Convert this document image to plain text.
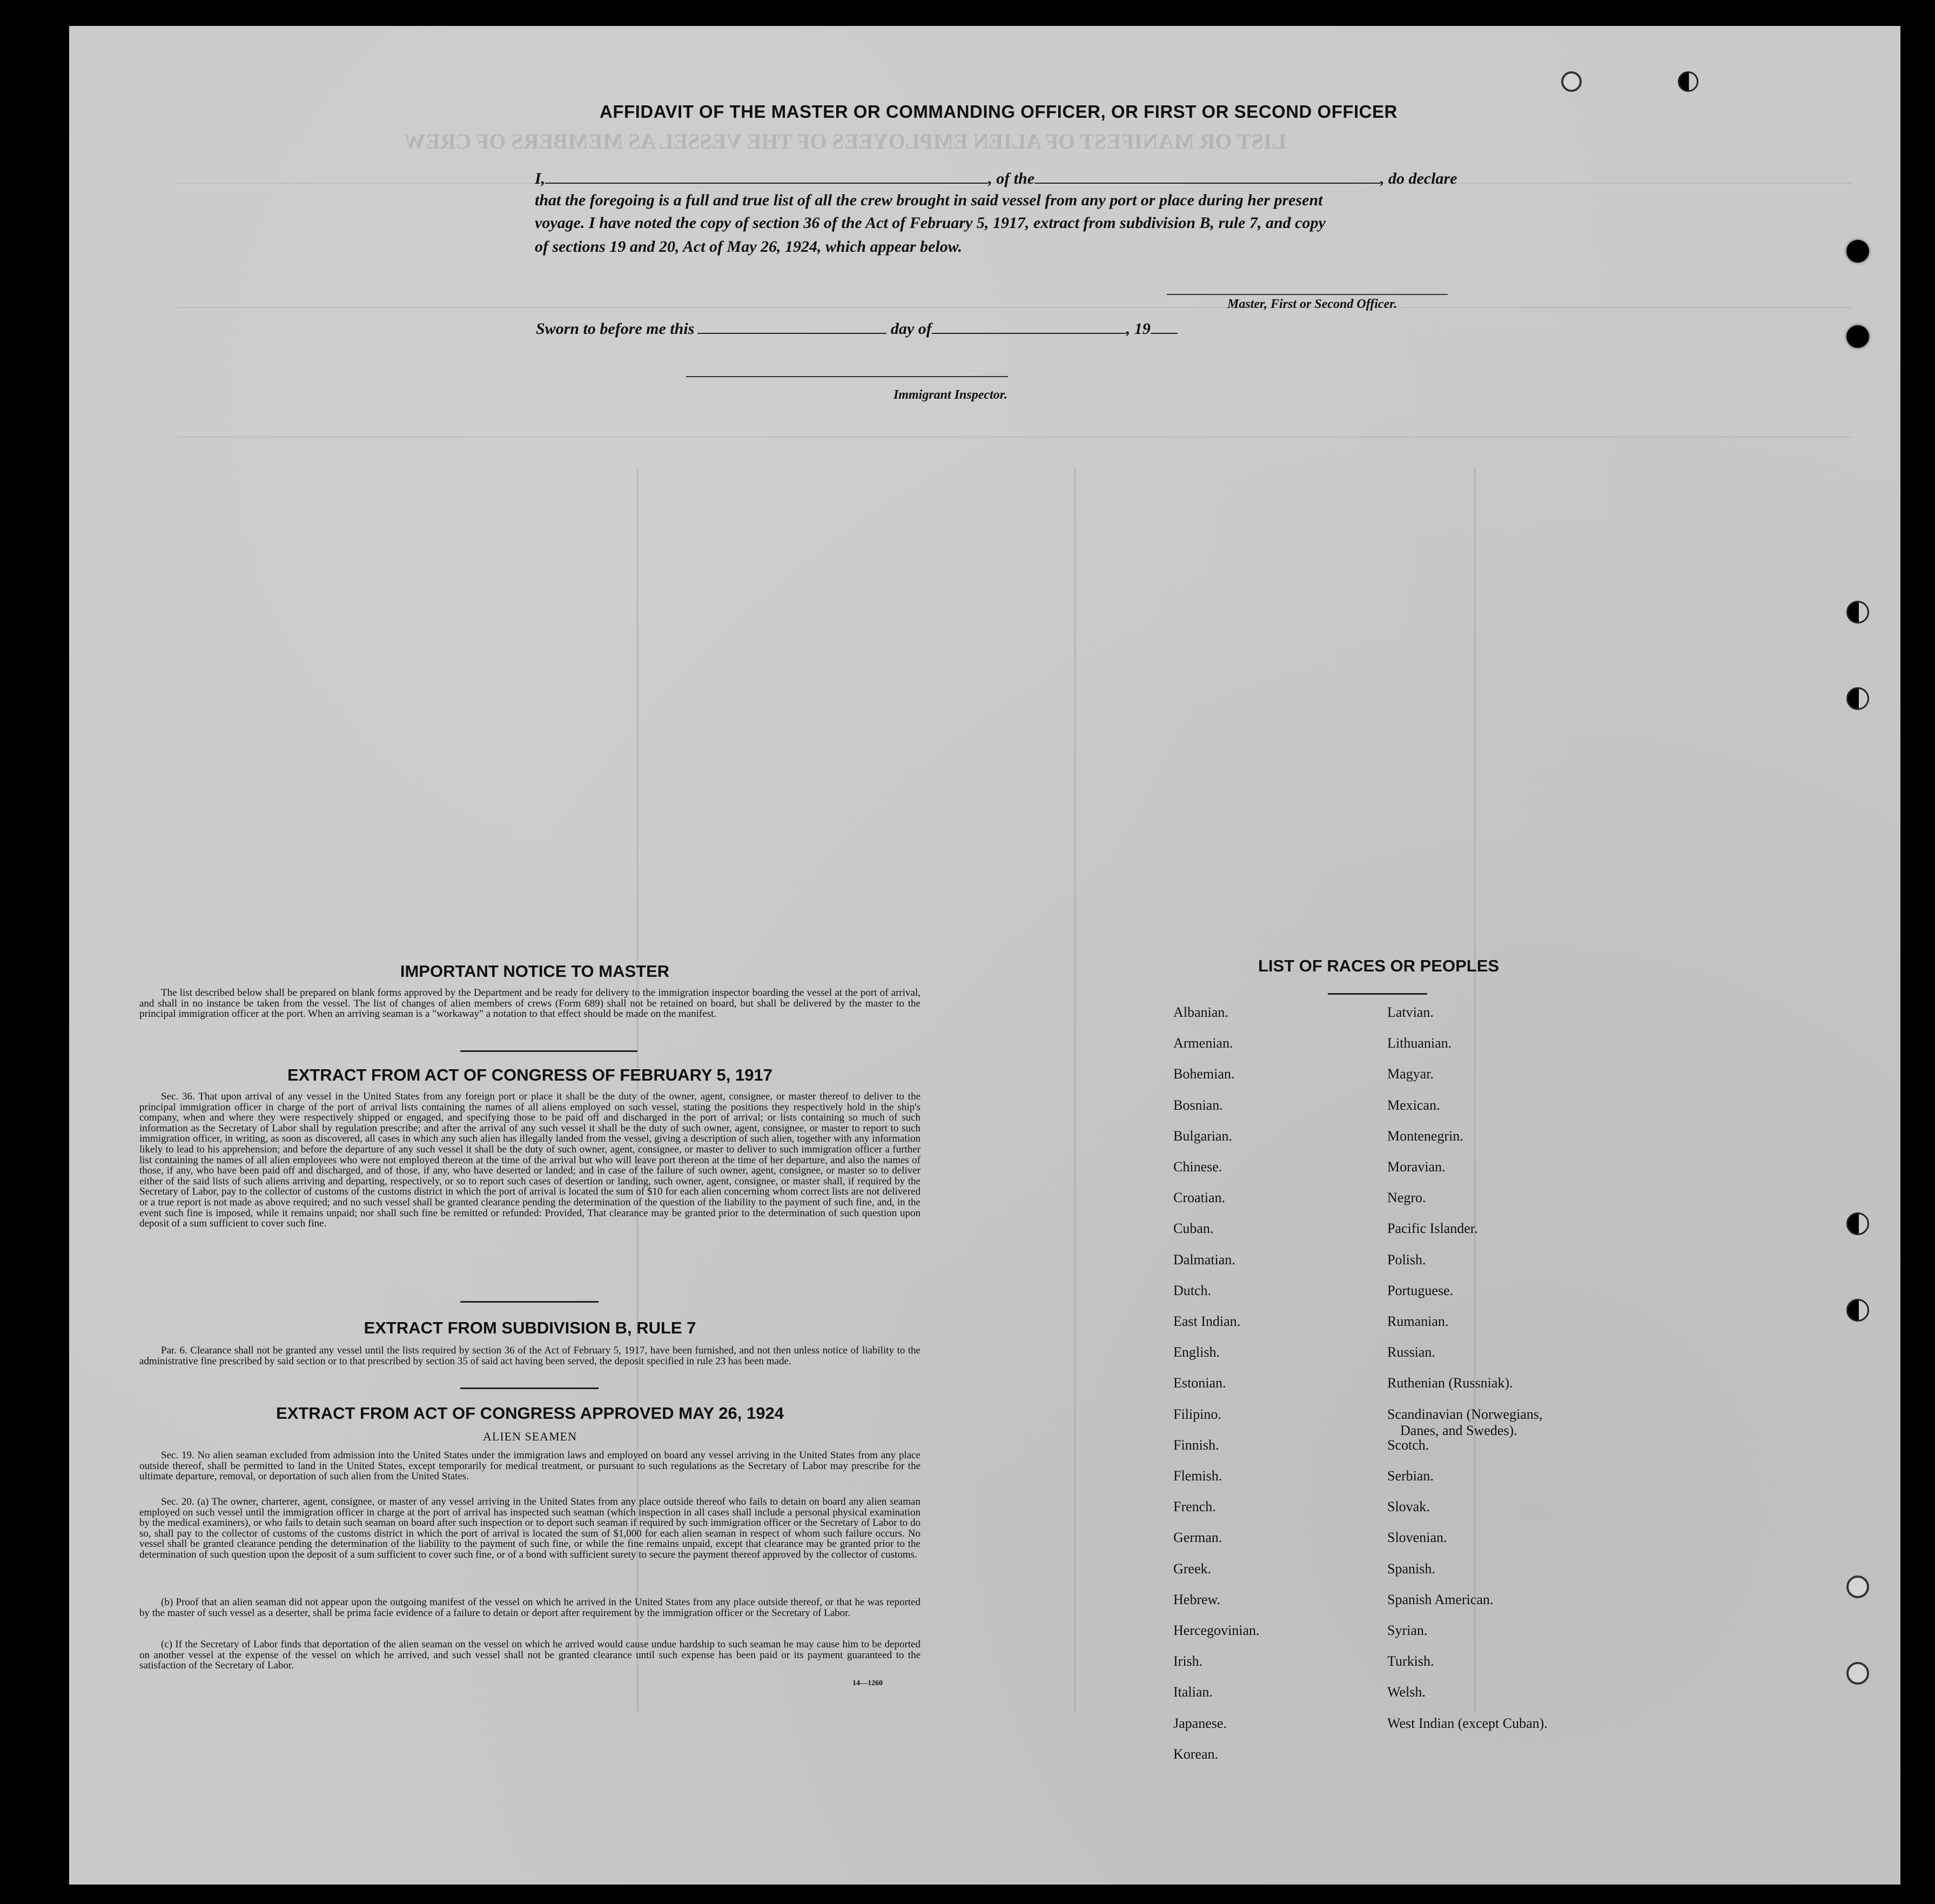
LIST OR MANIFEST OF ALIEN EMPLOYEES OF THE VESSEL AS MEMBERS OF CREW
AFFIDAVIT OF THE MASTER OR COMMANDING OFFICER, OR FIRST OR SECOND OFFICER
I,	, of the	, do declare
that the foregoing is a full and true list of all the crew brought in said vessel from any port or place during her present
voyage. I have noted the copy of section 36 of the Act of February 5, 1917, extract from subdivision B, rule 7, and copy
of sections 19 and 20, Act of May 26, 1924, which appear below.
Master, First or Second Officer.
Sworn to before me this	day of	, 19
Immigrant Inspector.
IMPORTANT NOTICE TO MASTER
The list described below shall be prepared on blank forms approved by the Department and be ready for delivery to the immigration inspector boarding the vessel at the port of arrival, and shall in no instance be taken from the vessel. The list of changes of alien members of crews (Form 689) shall not be retained on board, but shall be delivered by the master to the principal immigration officer at the port. When an arriving seaman is a "workaway" a notation to that effect should be made on the manifest.
EXTRACT FROM ACT OF CONGRESS OF FEBRUARY 5, 1917
Sec. 36. That upon arrival of any vessel in the United States from any foreign port or place it shall be the duty of the owner, agent, consignee, or master thereof to deliver to the principal immigration officer in charge of the port of arrival lists containing the names of all aliens employed on such vessel, stating the positions they respectively hold in the ship's company, when and where they were respectively shipped or engaged, and specifying those to be paid off and discharged in the port of arrival; or lists containing so much of such information as the Secretary of Labor shall by regulation prescribe; and after the arrival of any such vessel it shall be the duty of such owner, agent, consignee, or master to report to such immigration officer, in writing, as soon as discovered, all cases in which any such alien has illegally landed from the vessel, giving a description of such alien, together with any information likely to lead to his apprehension; and before the departure of any such vessel it shall be the duty of such owner, agent, consignee, or master to deliver to such immigration officer a further list containing the names of all alien employees who were not employed thereon at the time of the arrival but who will leave port thereon at the time of her departure, and also the names of those, if any, who have been paid off and discharged, and of those, if any, who have deserted or landed; and in case of the failure of such owner, agent, consignee, or master so to deliver either of the said lists of such aliens arriving and departing, respectively, or so to report such cases of desertion or landing, such owner, agent, consignee, or master shall, if required by the Secretary of Labor, pay to the collector of customs of the customs district in which the port of arrival is located the sum of $10 for each alien concerning whom correct lists are not delivered or a true report is not made as above required; and no such vessel shall be granted clearance pending the determination of the question of the liability to the payment of such fine, and, in the event such fine is imposed, while it remains unpaid; nor shall such fine be remitted or refunded: Provided, That clearance may be granted prior to the determination of such question upon deposit of a sum sufficient to cover such fine.
EXTRACT FROM SUBDIVISION B, RULE 7
Par. 6. Clearance shall not be granted any vessel until the lists required by section 36 of the Act of February 5, 1917, have been furnished, and not then unless notice of liability to the administrative fine prescribed by said section or to that prescribed by section 35 of said act having been served, the deposit specified in rule 23 has been made.
EXTRACT FROM ACT OF CONGRESS APPROVED MAY 26, 1924
ALIEN SEAMEN
Sec. 19. No alien seaman excluded from admission into the United States under the immigration laws and employed on board any vessel arriving in the United States from any place outside thereof, shall be permitted to land in the United States, except temporarily for medical treatment, or pursuant to such regulations as the Secretary of Labor may prescribe for the ultimate departure, removal, or deportation of such alien from the United States.
Sec. 20. (a) The owner, charterer, agent, consignee, or master of any vessel arriving in the United States from any place outside thereof who fails to detain on board any alien seaman employed on such vessel until the immigration officer in charge at the port of arrival has inspected such seaman (which inspection in all cases shall include a personal physical examination by the medical examiners), or who fails to detain such seaman on board after such inspection or to deport such seaman if required by such immigration officer or the Secretary of Labor to do so, shall pay to the collector of customs of the customs district in which the port of arrival is located the sum of $1,000 for each alien seaman in respect of whom such failure occurs. No vessel shall be granted clearance pending the determination of the liability to the payment of such fine, or while the fine remains unpaid, except that clearance may be granted prior to the determination of such question upon the deposit of a sum sufficient to cover such fine, or of a bond with sufficient surety to secure the payment thereof approved by the collector of customs.
(b) Proof that an alien seaman did not appear upon the outgoing manifest of the vessel on which he arrived in the United States from any place outside thereof, or that he was reported by the master of such vessel as a deserter, shall be prima facie evidence of a failure to detain or deport after requirement by the immigration officer or the Secretary of Labor.
(c) If the Secretary of Labor finds that deportation of the alien seaman on the vessel on which he arrived would cause undue hardship to such seaman he may cause him to be deported on another vessel at the expense of the vessel on which he arrived, and such vessel shall not be granted clearance until such expense has been paid or its payment guaranteed to the satisfaction of the Secretary of Labor.
14—1260
LIST OF RACES OR PEOPLES
Albanian.
Armenian.
Bohemian.
Bosnian.
Bulgarian.
Chinese.
Croatian.
Cuban.
Dalmatian.
Dutch.
East Indian.
English.
Estonian.
Filipino.
Finnish.
Flemish.
French.
German.
Greek.
Hebrew.
Hercegovinian.
Irish.
Italian.
Japanese.
Korean.
Latvian.
Lithuanian.
Magyar.
Mexican.
Montenegrin.
Moravian.
Negro.
Pacific Islander.
Polish.
Portuguese.
Rumanian.
Russian.
Ruthenian (Russniak).
Scandinavian (Norwegians,
Danes, and Swedes).
Scotch.
Serbian.
Slovak.
Slovenian.
Spanish.
Spanish American.
Syrian.
Turkish.
Welsh.
West Indian (except Cuban).
